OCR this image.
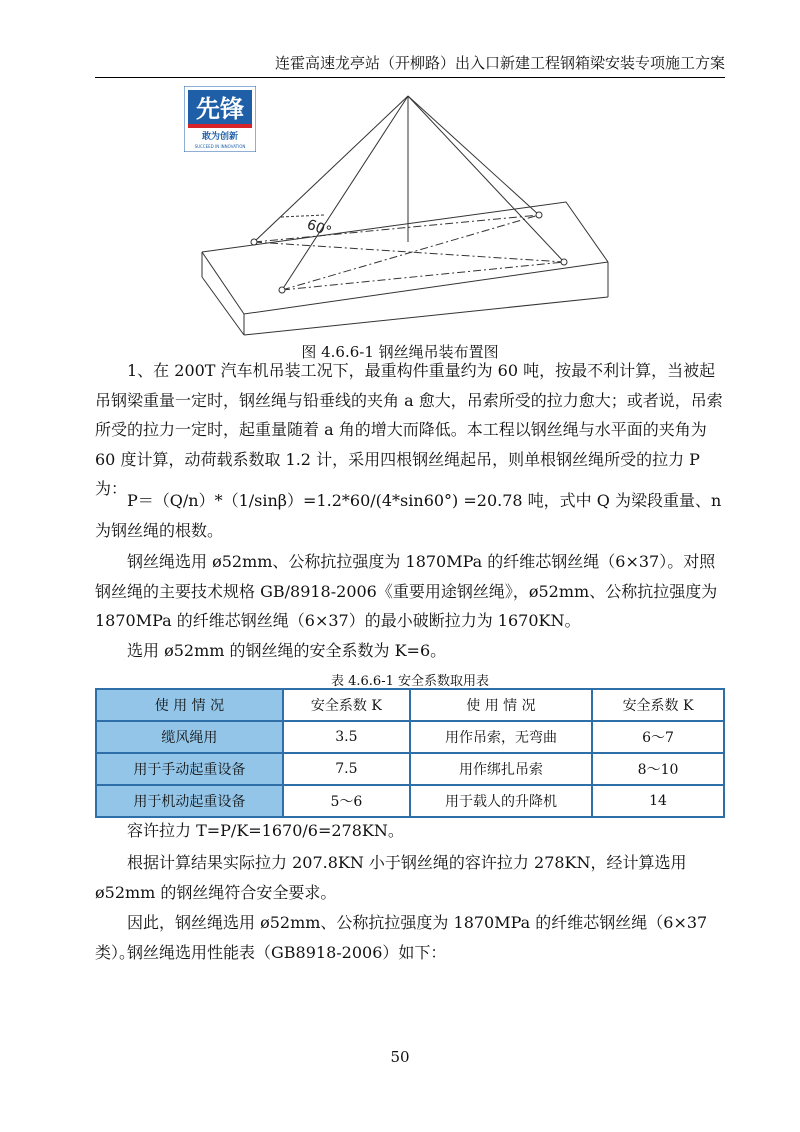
连霍高速龙亭站（开柳路）出入口新建工程钢箱梁安装专项施工方案
先锋
敢为创新
SUCCEED IN INNOVATION
60°
图 4.6.6-1 钢丝绳吊装布置图
1、在 200T 汽车机吊装工况下，最重构件重量约为 60 吨，按最不利计算，当被起吊钢梁重量一定时，钢丝绳与铅垂线的夹角 a 愈大，吊索所受的拉力愈大；或者说，吊索所受的拉力一定时，起重量随着 a 角的增大而降低。本工程以钢丝绳与水平面的夹角为 60 度计算，动荷载系数取 1.2 计，采用四根钢丝绳起吊，则单根钢丝绳所受的拉力 P 为：
P＝（Q/n）*（1/sinβ）=1.2*60/(4*sin60°) =20.78 吨，式中 Q 为梁段重量、n 为钢丝绳的根数。
钢丝绳选用 ø52mm、公称抗拉强度为 1870MPa 的纤维芯钢丝绳（6×37）。对照钢丝绳的主要技术规格 GB/8918-2006《重要用途钢丝绳》，ø52mm、公称抗拉强度为 1870MPa 的纤维芯钢丝绳（6×37）的最小破断拉力为 1670KN。
选用 ø52mm 的钢丝绳的安全系数为 K=6。
表 4.6.6-1 安全系数取用表
使 用 情 况	安全系数 K	使 用 情 况	安全系数 K
缆风绳用	3.5	用作吊索，无弯曲	6～7
用于手动起重设备	7.5	用作绑扎吊索	8～10
用于机动起重设备	5～6	用于载人的升降机	14
容许拉力 T=P/K=1670/6=278KN。
根据计算结果实际拉力 207.8KN 小于钢丝绳的容许拉力 278KN，经计算选用 ø52mm 的钢丝绳符合安全要求。
因此，钢丝绳选用 ø52mm、公称抗拉强度为 1870MPa 的纤维芯钢丝绳（6×37 类）。
钢丝绳选用性能表（GB8918-2006）如下：
50
